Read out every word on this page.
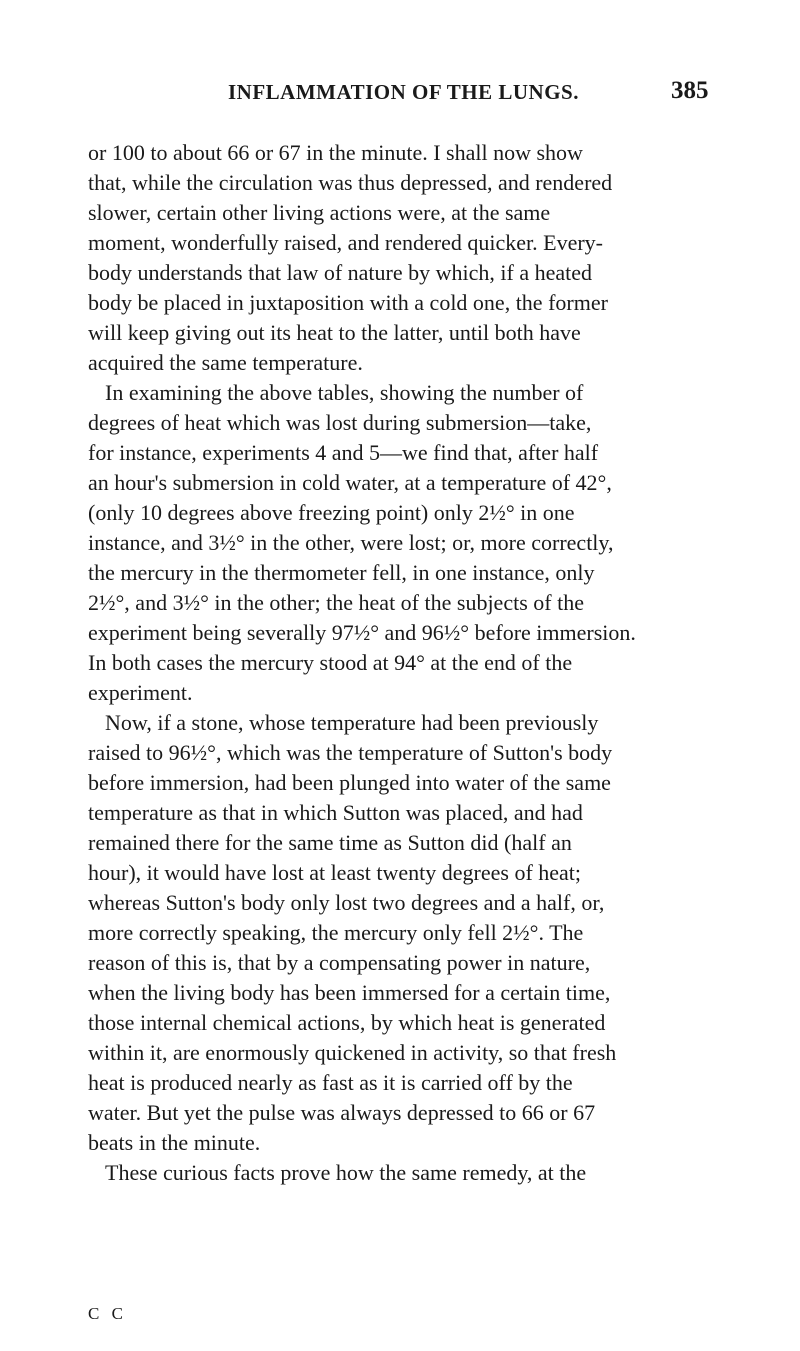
INFLAMMATION OF THE LUNGS.	385
or 100 to about 66 or 67 in the minute. I shall now show
that, while the circulation was thus depressed, and rendered
slower, certain other living actions were, at the same
moment, wonderfully raised, and rendered quicker. Every-
body understands that law of nature by which, if a heated
body be placed in juxtaposition with a cold one, the former
will keep giving out its heat to the latter, until both have
acquired the same temperature.
In examining the above tables, showing the number of
degrees of heat which was lost during submersion—take,
for instance, experiments 4 and 5—we find that, after half
an hour's submersion in cold water, at a temperature of 42°,
(only 10 degrees above freezing point) only 2½° in one
instance, and 3½° in the other, were lost; or, more correctly,
the mercury in the thermometer fell, in one instance, only
2½°, and 3½° in the other; the heat of the subjects of the
experiment being severally 97½° and 96½° before immersion.
In both cases the mercury stood at 94° at the end of the
experiment.
Now, if a stone, whose temperature had been previously
raised to 96½°, which was the temperature of Sutton's body
before immersion, had been plunged into water of the same
temperature as that in which Sutton was placed, and had
remained there for the same time as Sutton did (half an
hour), it would have lost at least twenty degrees of heat;
whereas Sutton's body only lost two degrees and a half, or,
more correctly speaking, the mercury only fell 2½°. The
reason of this is, that by a compensating power in nature,
when the living body has been immersed for a certain time,
those internal chemical actions, by which heat is generated
within it, are enormously quickened in activity, so that fresh
heat is produced nearly as fast as it is carried off by the
water. But yet the pulse was always depressed to 66 or 67
beats in the minute.
These curious facts prove how the same remedy, at the
C C
